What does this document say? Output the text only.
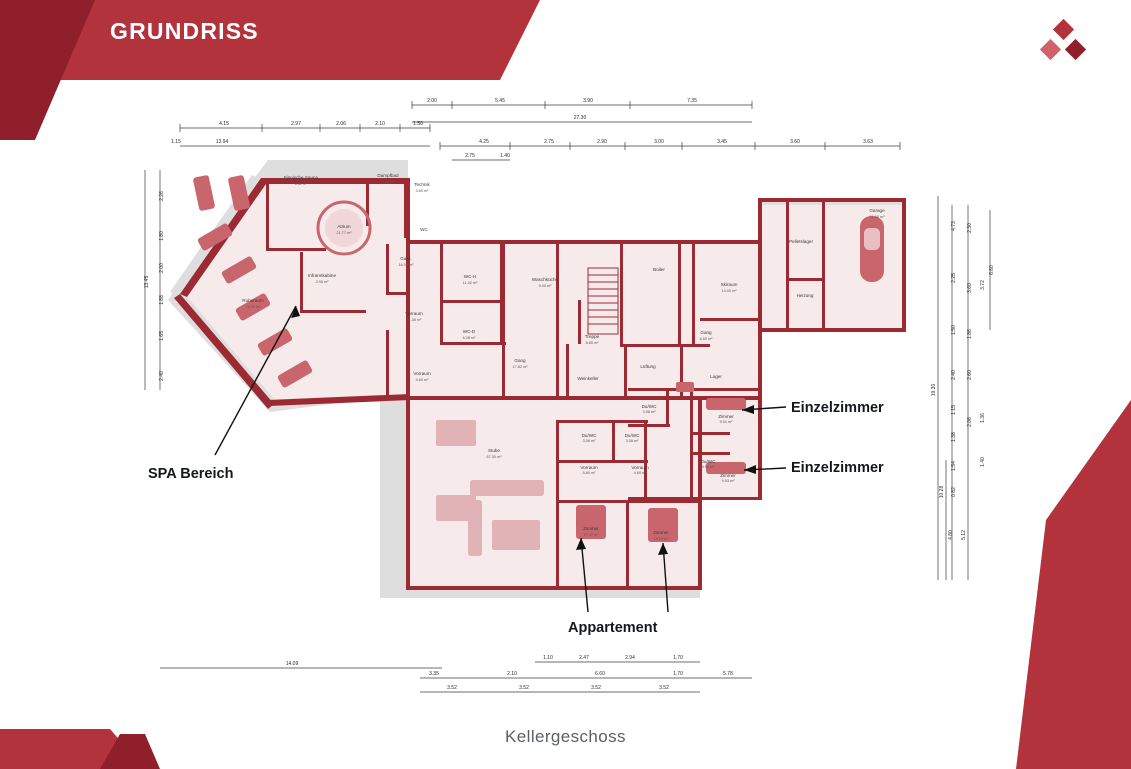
GRUNDRISS
Kellergeschoss
Finnische Sauna
6.52 m²
Dampfbad
4.21 m²	Technik
3.60 m²
Atrium
21.77 m²
WC
Gard.
16.00 m²
Infrarotkabine
2.96 m²
WC-H
11.42 m²
Waschküche
9.00 m²
Boiler
Skiraum
14.00 m²
Pelletslager
Garage
31.60 m²
Heizung
Ruheraum
74.00 m²
Vorraum
11.38 m²
WC-D
6.28 m²	Treppe
8.85 m²
Gang
6.62 m²
Gang
17.82 m²
Vorraum
4.60 m²	Weinkeller
Lüftung
Lager
Du/WC
3.98 m²
Zimmer
9.01 m²
Stube
67.30 m²
Du/WC
3.06 m²
Du/WC
3.06 m²
Vorraum
5.80 m²
Vorraum
4.69 m²
Du/WC
3.98 m²
Zimmer
9.93 m²
Zimmer
17.47 m²	Zimmer
18.05 m²
2.00	5.45	3.90	7.35
27.30
4.15	2.97	2.06	2.10	1.50
13.94
1.15	4.25	2.75	2.90	3.00	3.45	3.60	3.63
2.75	1.40
2.26
1.80
2.00
1.88
1.65
2.40
13.45
19.30
4.73
2.25
1.50
2.40
1.15
1.38
1.54
0.82
10.28
2.30
3.60 3.72
1.86
2.60
1.36
2.06
1.40
5.12
4.80
6.60
14.09
1.10	2.47	2.94	1.70
3.35	2.10	6.60	1.70	5.78
3.52	3.52	3.52	3.52
SPA Bereich
Einzelzimmer
Einzelzimmer
Appartement
